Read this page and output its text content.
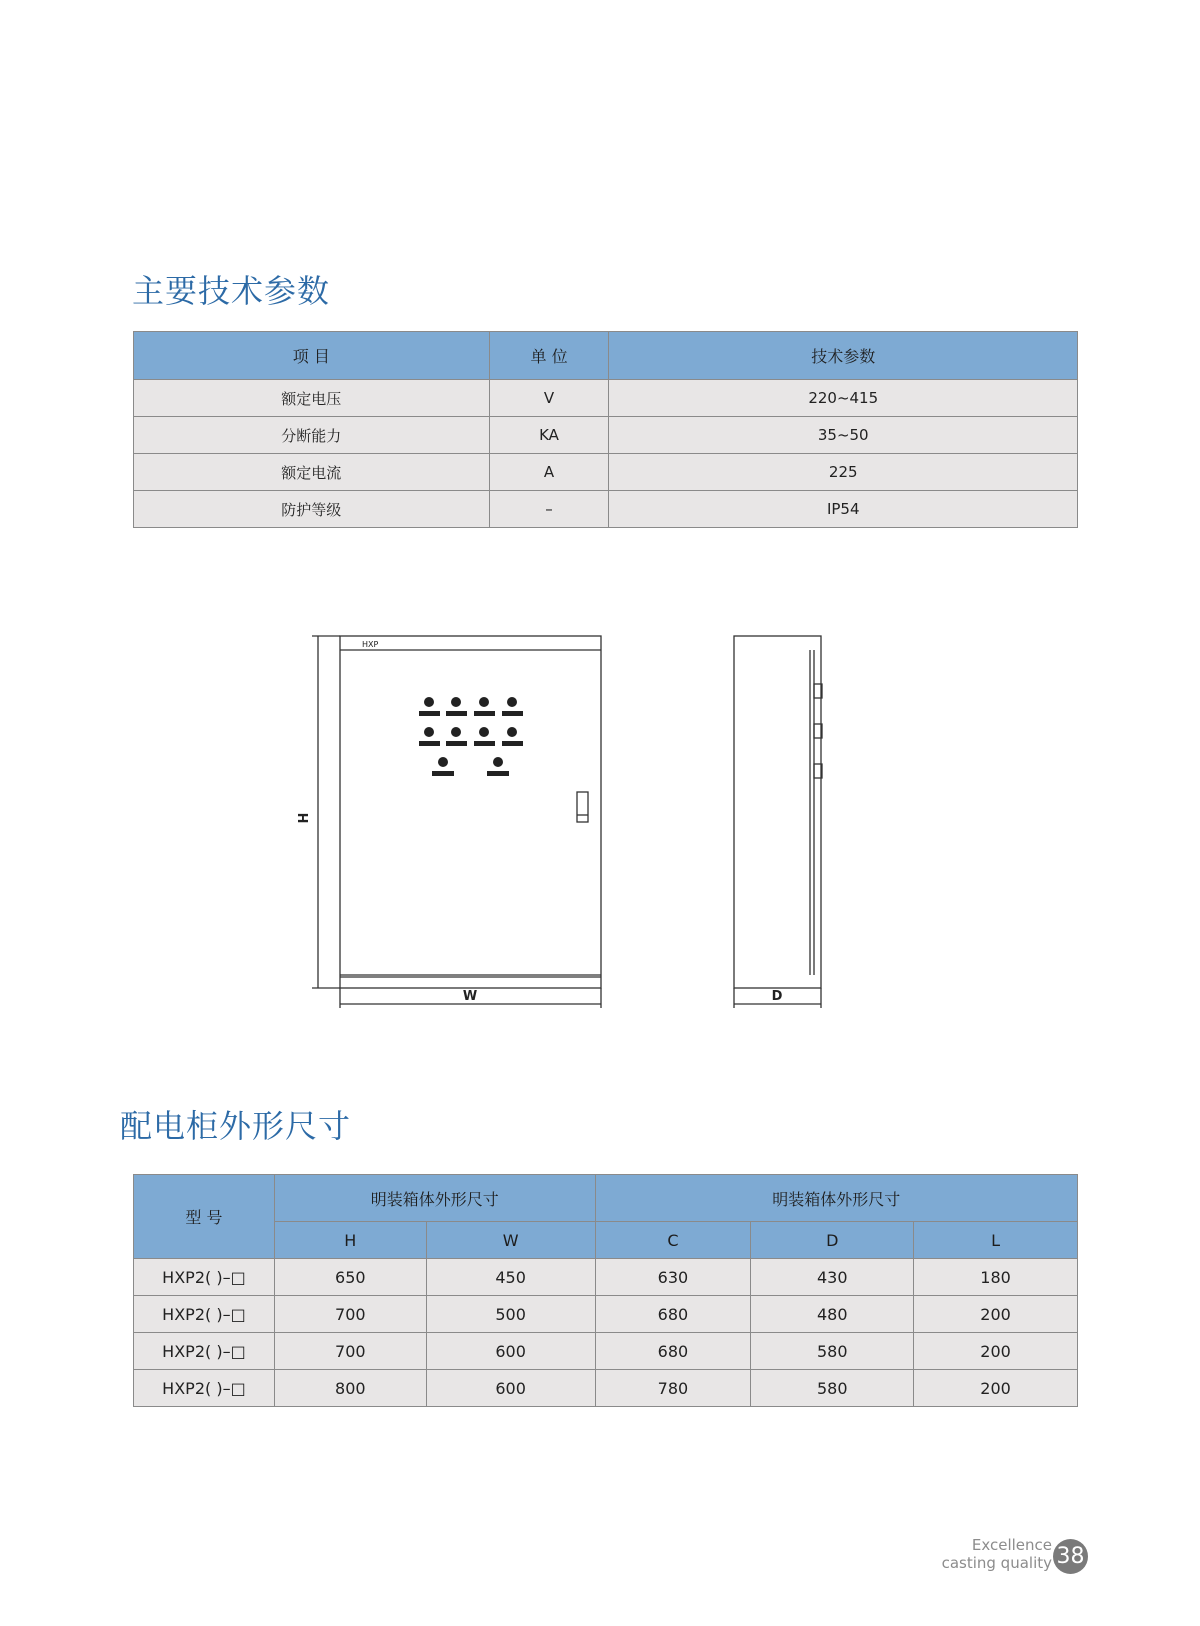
主要技术参数
项 目	单 位	技术参数
额定电压	V	220~415
分断能力	KA	35~50
额定电流	A	225
防护等级	–	IP54
HXP
H
W	D
配电柜外形尺寸
型 号	明装箱体外形尺寸		明装箱体外形尺寸		
	H	W	C	D	L
HXP2( )–□	650	450	630	430	180
HXP2( )–□	700	500	680	480	200
HXP2( )–□	700	600	680	580	200
HXP2( )–□	800	600	780	580	200
Excellence
casting quality 38
